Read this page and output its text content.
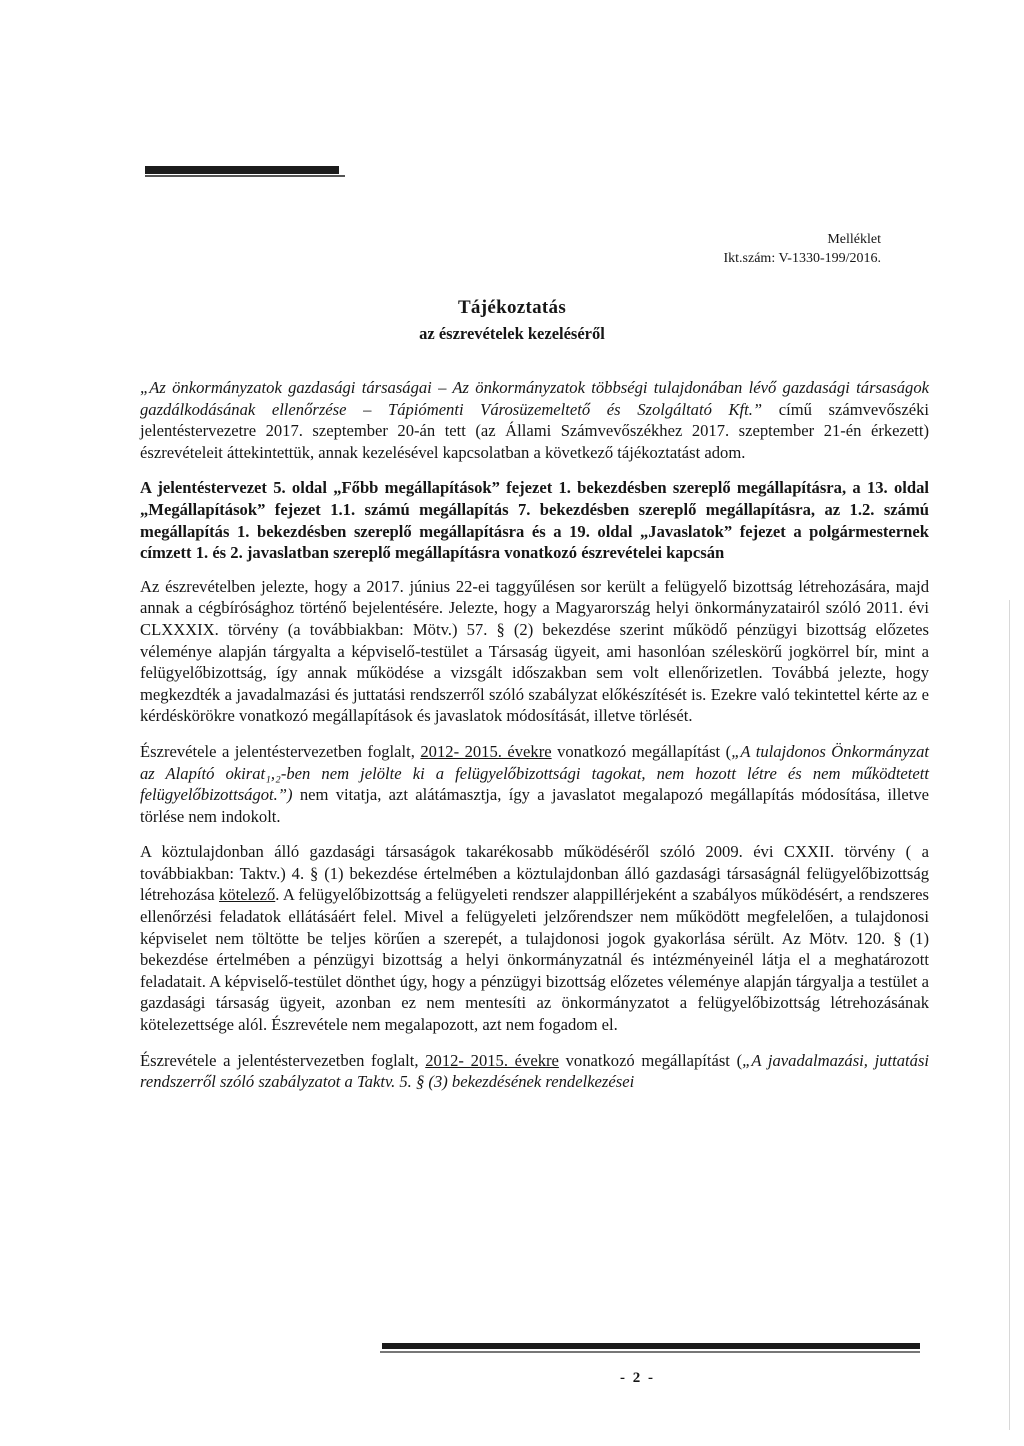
Melléklet
Ikt.szám: V-1330-199/2016.
Tájékoztatás
az észrevételek kezeléséről

„Az önkormányzatok gazdasági társaságai – Az önkormányzatok többségi tulajdonában lévő gazdasági társaságok gazdálkodásának ellenőrzése – Tápiómenti Városüzemeltető és Szolgáltató Kft.” című számvevőszéki jelentéstervezetre 2017. szeptember 20-án tett (az Állami Számvevőszékhez 2017. szeptember 21-én érkezett) észrevételeit áttekintettük, annak kezelésével kapcsolatban a következő tájékoztatást adom.

A jelentéstervezet 5. oldal „Főbb megállapítások” fejezet 1. bekezdésben szereplő megállapításra, a 13. oldal „Megállapítások” fejezet 1.1. számú megállapítás 7. bekezdésben szereplő megállapításra, az 1.2. számú megállapítás 1. bekezdésben szereplő megállapításra és a 19. oldal „Javaslatok” fejezet a polgármesternek címzett 1. és 2. javaslatban szereplő megállapításra vonatkozó észrevételei kapcsán

Az észrevételben jelezte, hogy a 2017. június 22-ei taggyűlésen sor került a felügyelő bizottság létrehozására, majd annak a cégbírósághoz történő bejelentésére. Jelezte, hogy a Magyarország helyi önkormányzatairól szóló 2011. évi CLXXXIX. törvény (a továbbiakban: Mötv.) 57. § (2) bekezdése szerint működő pénzügyi bizottság előzetes véleménye alapján tárgyalta a képviselő-testület a Társaság ügyeit, ami hasonlóan széleskörű jogkörrel bír, mint a felügyelőbizottság, így annak működése a vizsgált időszakban sem volt ellenőrizetlen. Továbbá jelezte, hogy megkezdték a javadalmazási és juttatási rendszerről szóló szabályzat előkészítését is. Ezekre való tekintettel kérte az e kérdéskörökre vonatkozó megállapítások és javaslatok módosítását, illetve törlését.

Észrevétele a jelentéstervezetben foglalt, 2012- 2015. évekre vonatkozó megállapítást („A tulajdonos Önkormányzat az Alapító okirat₁,₂-ben nem jelölte ki a felügyelőbizottsági tagokat, nem hozott létre és nem működtetett felügyelőbizottságot.”) nem vitatja, azt alátámasztja, így a javaslatot megalapozó megállapítás módosítása, illetve törlése nem indokolt.

A köztulajdonban álló gazdasági társaságok takarékosabb működéséről szóló 2009. évi CXXII. törvény ( a továbbiakban: Taktv.) 4. § (1) bekezdése értelmében a köztulajdonban álló gazdasági társaságnál felügyelőbizottság létrehozása kötelező. A felügyelőbizottság a felügyeleti rendszer alappillérjeként a szabályos működésért, a rendszeres ellenőrzési feladatok ellátásáért felel. Mivel a felügyeleti jelzőrendszer nem működött megfelelően, a tulajdonosi képviselet nem töltötte be teljes körűen a szerepét, a tulajdonosi jogok gyakorlása sérült. Az Mötv. 120. § (1) bekezdése értelmében a pénzügyi bizottság a helyi önkormányzatnál és intézményeinél látja el a meghatározott feladatait. A képviselő-testület dönthet úgy, hogy a pénzügyi bizottság előzetes véleménye alapján tárgyalja a testület a gazdasági társaság ügyeit, azonban ez nem mentesíti az önkormányzatot a felügyelőbizottság létrehozásának kötelezettsége alól. Észrevétele nem megalapozott, azt nem fogadom el.

Észrevétele a jelentéstervezetben foglalt, 2012- 2015. évekre vonatkozó megállapítást („A javadalmazási, juttatási rendszerről szóló szabályzatot a Taktv. 5. § (3) bekezdésének rendelkezései

- 2 -
